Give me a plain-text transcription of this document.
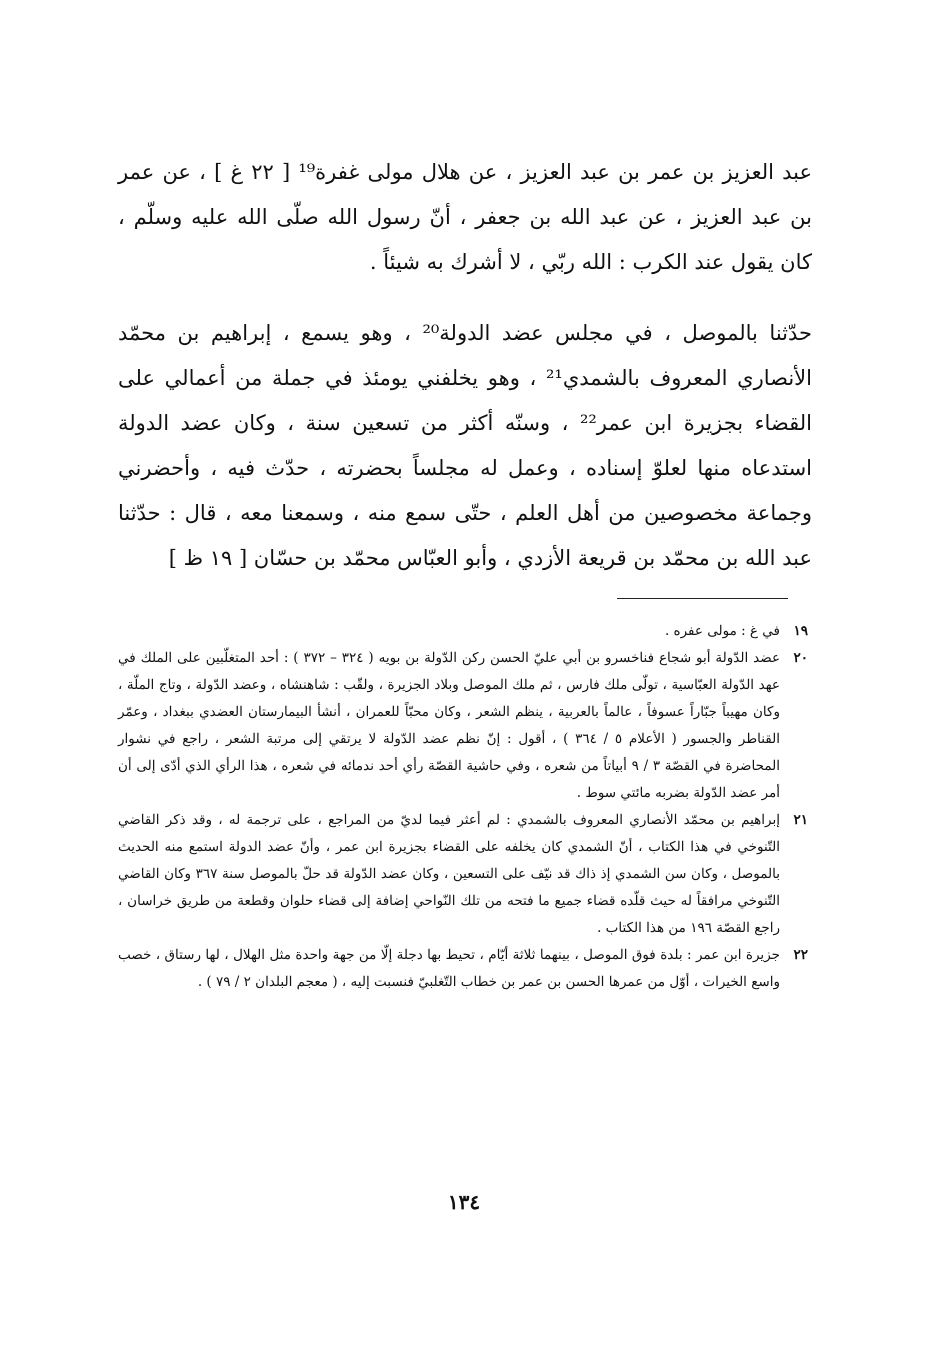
عبد العزيز بن عمر بن عبد العزيز ، عن هلال مولى غفرة¹⁹ [ ٢٢ غ ] ، عن عمر بن عبد العزيز ، عن عبد الله بن جعفر ، أنّ رسول الله صلّى الله عليه وسلّم ، كان يقول عند الكرب : الله ربّي ، لا أشرك به شيئاً .

حدّثنا بالموصل ، في مجلس عضد الدولة²⁰ ، وهو يسمع ، إبراهيم بن محمّد الأنصاري المعروف بالشمدي²¹ ، وهو يخلفني يومئذ في جملة من أعمالي على القضاء بجزيرة ابن عمر²² ، وسنّه أكثر من تسعين سنة ، وكان عضد الدولة استدعاه منها لعلوّ إسناده ، وعمل له مجلساً بحضرته ، حدّث فيه ، وأحضرني وجماعة مخصوصين من أهل العلم ، حتّى سمع منه ، وسمعنا معه ، قال : حدّثنا عبد الله بن محمّد بن قريعة الأزدي ، وأبو العبّاس محمّد بن حسّان [ ١٩ ظ ]

١٩
في غ : مولى عفره .
٢٠
عضد الدّولة أبو شجاع فناخسرو بن أبي عليّ الحسن ركن الدّولة بن بويه ( ٣٢٤ – ٣٧٢ ) : أحد المتغلّبين على الملك في عهد الدّولة العبّاسية ، تولّى ملك فارس ، ثم ملك الموصل وبلاد الجزيرة ، ولقّب : شاهنشاه ، وعضد الدّولة ، وتاج الملّة ، وكان مهيباً جبّاراً عسوفاً ، عالماً بالعربية ، ينظم الشعر ، وكان محبّاً للعمران ، أنشأ البيمارستان العضدي ببغداد ، وعمّر القناطر والجسور ( الأعلام ٥ / ٣٦٤ ) ، أقول : إنّ نظم عضد الدّولة لا يرتقي إلى مرتبة الشعر ، راجع في نشوار المحاضرة في القصّة ٣ / ٩ أبياتاً من شعره ، وفي حاشية القصّة رأي أحد ندمائه في شعره ، هذا الرأي الذي أدّى إلى أن أمر عضد الدّولة بضربه مائتي سوط .
٢١
إبراهيم بن محمّد الأنصاري المعروف بالشمدي : لم أعثر فيما لديّ من المراجع ، على ترجمة له ، وقد ذكر القاضي التّنوخي في هذا الكتاب ، أنّ الشمدي كان يخلفه على القضاء بجزيرة ابن عمر ، وأنّ عضد الدولة استمع منه الحديث بالموصل ، وكان سن الشمدي إذ ذاك قد نيّف على التسعين ، وكان عضد الدّولة قد حلّ بالموصل سنة ٣٦٧ وكان القاضي التّنوخي مرافقاً له حيث قلّده قضاء جميع ما فتحه من تلك النّواحي إضافة إلى قضاء حلوان وقطعة من طريق خراسان ، راجع القصّة ١٩٦ من هذا الكتاب .
٢٢
جزيرة ابن عمر : بلدة فوق الموصل ، بينهما ثلاثة أيّام ، تحيط بها دجلة إلّا من جهة واحدة مثل الهلال ، لها رستاق ، خصب واسع الخيرات ، أوّل من عمرها الحسن بن عمر بن خطاب التّغلبيّ فنسبت إليه ، ( معجم البلدان ٢ / ٧٩ ) .
١٣٤
